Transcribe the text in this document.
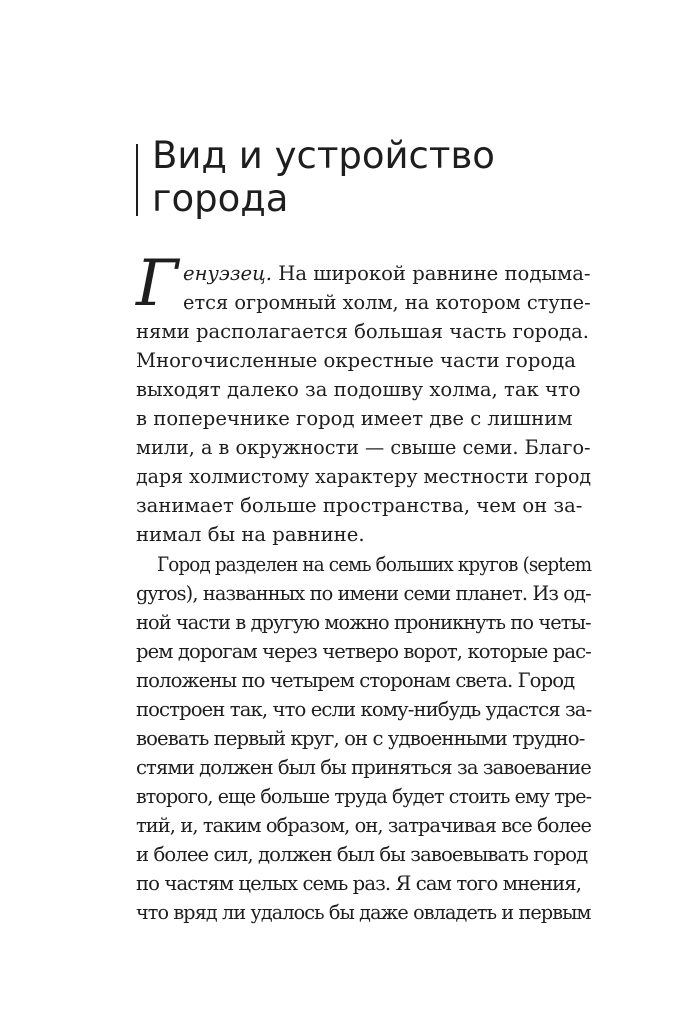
Вид и устройство
города
Г енуэзец. На широкой равнине подыма-
ется огромный холм, на котором ступе-
нями располагается большая часть города.
Многочисленные окрестные части города
выходят далеко за подошву холма, так что
в поперечнике город имеет две с лишним
мили, а в окружности — свыше семи. Благо-
даря холмистому характеру местности город
занимает больше пространства, чем он за-
нимал бы на равнине.
Город разделен на семь больших кругов (septem
gyros), названных по имени семи планет. Из од-
ной части в другую можно проникнуть по четы-
рем дорогам через четверо ворот, которые рас-
положены по четырем сторонам света. Город
построен так, что если кому-нибудь удастся за-
воевать первый круг, он с удвоенными трудно-
стями должен был бы приняться за завоевание
второго, еще больше труда будет стоить ему тре-
тий, и, таким образом, он, затрачивая все более
и более сил, должен был бы завоевывать город
по частям целых семь раз. Я сам того мнения,
что вряд ли удалось бы даже овладеть и первым
